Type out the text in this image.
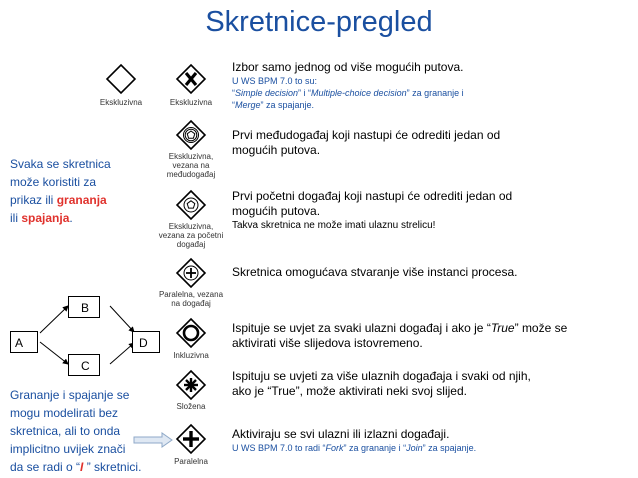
Skretnice-pregled
Ekskluzivna	Ekskluzivna
Ekskluzivna,
vezana na
međudogađaj
Ekskluzivna,
vezana za početni
događaj
Paralelna, vezana
na događaj
Inkluzivna
Složena
Paralelna
Izbor samo jednog od više mogućih putova.
U WS BPM 7.0 to su:
“Simple decision” i “Multiple-choice decision” za grananje i
“Merge” za spajanje.
Prvi međudogađaj koji nastupi će odrediti jedan od
mogućih putova.
Prvi početni događaj koji nastupi će odrediti jedan od
mogućih putova.
Takva skretnica ne može imati ulaznu strelicu!
Skretnica omogućava stvaranje više instanci procesa.
Ispituje se uvjet za svaki ulazni događaj i ako je “True” može se
aktivirati više slijedova istovremeno.
Ispituju se uvjeti za više ulaznih događaja i svaki od njih,
ako je “True”, može aktivirati neki svoj slijed.
Aktiviraju se svi ulazni ili izlazni događaji.
U WS BPM 7.0 to radi “Fork” za grananje i “Join” za spajanje.
Svaka se skretnica
može koristiti za
prikaz ili grananja
ili spajanja.
A
B
C
D
Grananje i spajanje se
mogu modelirati bez
skretnica, ali to onda
implicitno uvijek znači
da se radi o “I ” skretnici.
